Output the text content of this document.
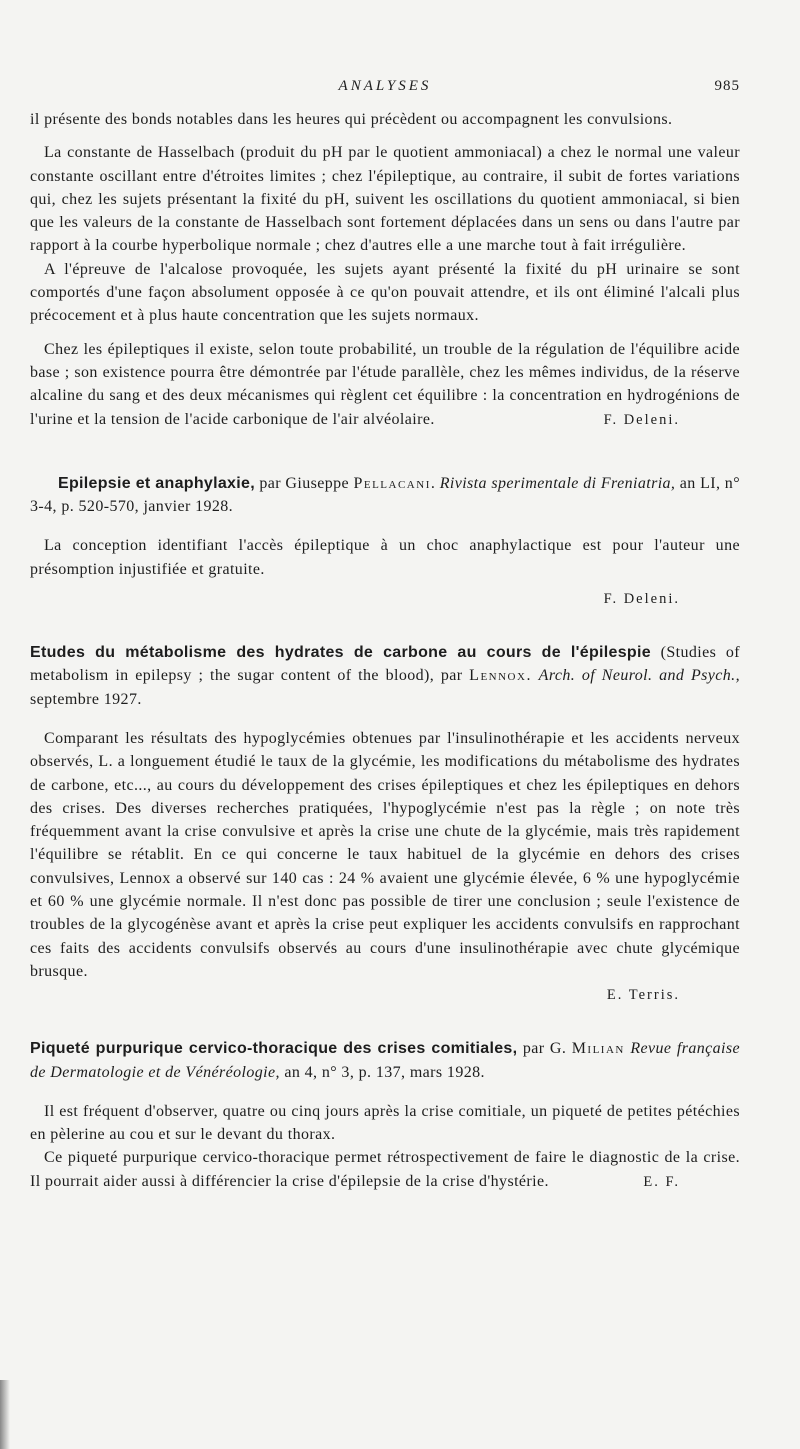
ANALYSES	985

il présente des bonds notables dans les heures qui précèdent ou accompagnent les convulsions.

La constante de Hasselbach (produit du pH par le quotient ammoniacal) a chez le normal une valeur constante oscillant entre d'étroites limites ; chez l'épileptique, au contraire, il subit de fortes variations qui, chez les sujets présentant la fixité du pH, suivent les oscillations du quotient ammoniacal, si bien que les valeurs de la constante de Hasselbach sont fortement déplacées dans un sens ou dans l'autre par rapport à la courbe hyperbolique normale ; chez d'autres elle a une marche tout à fait irrégulière.

A l'épreuve de l'alcalose provoquée, les sujets ayant présenté la fixité du pH urinaire se sont comportés d'une façon absolument opposée à ce qu'on pouvait attendre, et ils ont éliminé l'alcali plus précocement et à plus haute concentration que les sujets normaux.

Chez les épileptiques il existe, selon toute probabilité, un trouble de la régulation de l'équilibre acide base ; son existence pourra être démontrée par l'étude parallèle, chez les mêmes individus, de la réserve alcaline du sang et des deux mécanismes qui règlent cet équilibre : la concentration en hydrogénions de l'urine et la tension de l'acide carbonique de l'air alvéolaire.	F. Deleni.

Epilepsie et anaphylaxie, par Giuseppe Pellacani. Rivista sperimentale di Freniatria, an LI, n° 3-4, p. 520-570, janvier 1928.

La conception identifiant l'accès épileptique à un choc anaphylactique est pour l'auteur une présomption injustifiée et gratuite.

F. Deleni.

Etudes du métabolisme des hydrates de carbone au cours de l'épilespie (Studies of metabolism in epilepsy ; the sugar content of the blood), par Lennox. Arch. of Neurol. and Psych., septembre 1927.

Comparant les résultats des hypoglycémies obtenues par l'insulinothérapie et les accidents nerveux observés, L. a longuement étudié le taux de la glycémie, les modifications du métabolisme des hydrates de carbone, etc..., au cours du développement des crises épileptiques et chez les épileptiques en dehors des crises. Des diverses recherches pratiquées, l'hypoglycémie n'est pas la règle ; on note très fréquemment avant la crise convulsive et après la crise une chute de la glycémie, mais très rapidement l'équilibre se rétablit. En ce qui concerne le taux habituel de la glycémie en dehors des crises convulsives, Lennox a observé sur 140 cas : 24 % avaient une glycémie élevée, 6 % une hypoglycémie et 60 % une glycémie normale. Il n'est donc pas possible de tirer une conclusion ; seule l'existence de troubles de la glycogénèse avant et après la crise peut expliquer les accidents convulsifs en rapprochant ces faits des accidents convulsifs observés au cours d'une insulinothérapie avec chute glycémique brusque.

E. Terris.

Piqueté purpurique cervico-thoracique des crises comitiales, par G. Milian Revue française de Dermatologie et de Vénéréologie, an 4, n° 3, p. 137, mars 1928.

Il est fréquent d'observer, quatre ou cinq jours après la crise comitiale, un piqueté de petites pétéchies en pèlerine au cou et sur le devant du thorax.

Ce piqueté purpurique cervico-thoracique permet rétrospectivement de faire le diagnostic de la crise. Il pourrait aider aussi à différencier la crise d'épilepsie de la crise d'hystérie.	E. F.
